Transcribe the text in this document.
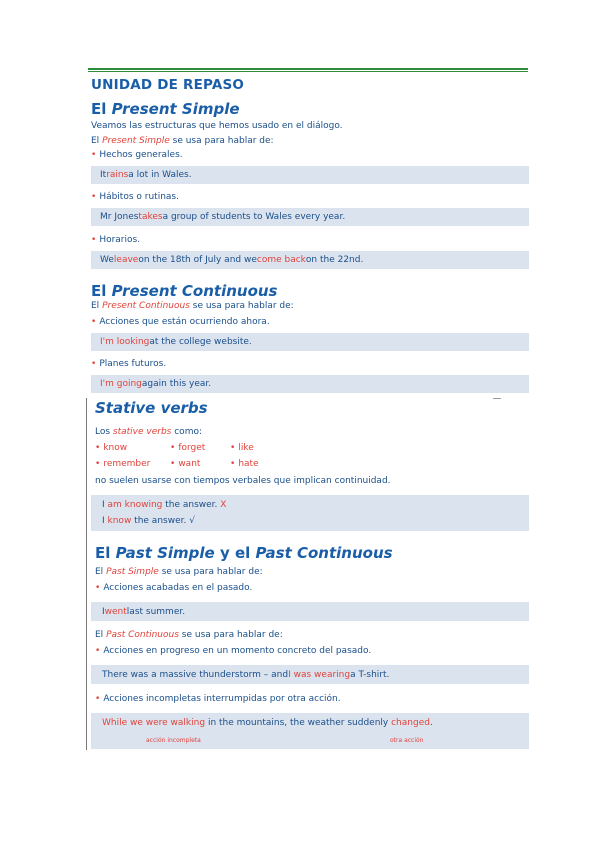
UNIDAD DE REPASO
El Present Simple
Veamos las estructuras que hemos usado en el diálogo.
El Present Simple se usa para hablar de:
• Hechos generales.
It rains a lot in Wales.
• Hábitos o rutinas.
Mr Jones takes a group of students to Wales every year.
• Horarios.
We leave on the 18th of July and we come back on the 22nd.
El Present Continuous
El Present Continuous se usa para hablar de:
• Acciones que están ocurriendo ahora.
I'm looking at the college website.
• Planes futuros.
I'm going again this year.
Stative verbs
Los stative verbs como:
• know	• forget	• like
• remember	• want	• hate
no suelen usarse con tiempos verbales que implican continuidad.
I am knowing the answer. X
I know the answer. √
El Past Simple y el Past Continuous
El Past Simple se usa para hablar de:
• Acciones acabadas en el pasado.
I went last summer.
El Past Continuous se usa para hablar de:
• Acciones en progreso en un momento concreto del pasado.
There was a massive thunderstorm – and I was wearing a T-shirt.
• Acciones incompletas interrumpidas por otra acción.
While we were walking in the mountains, the weather suddenly changed.
acción incompleta	otra acción
